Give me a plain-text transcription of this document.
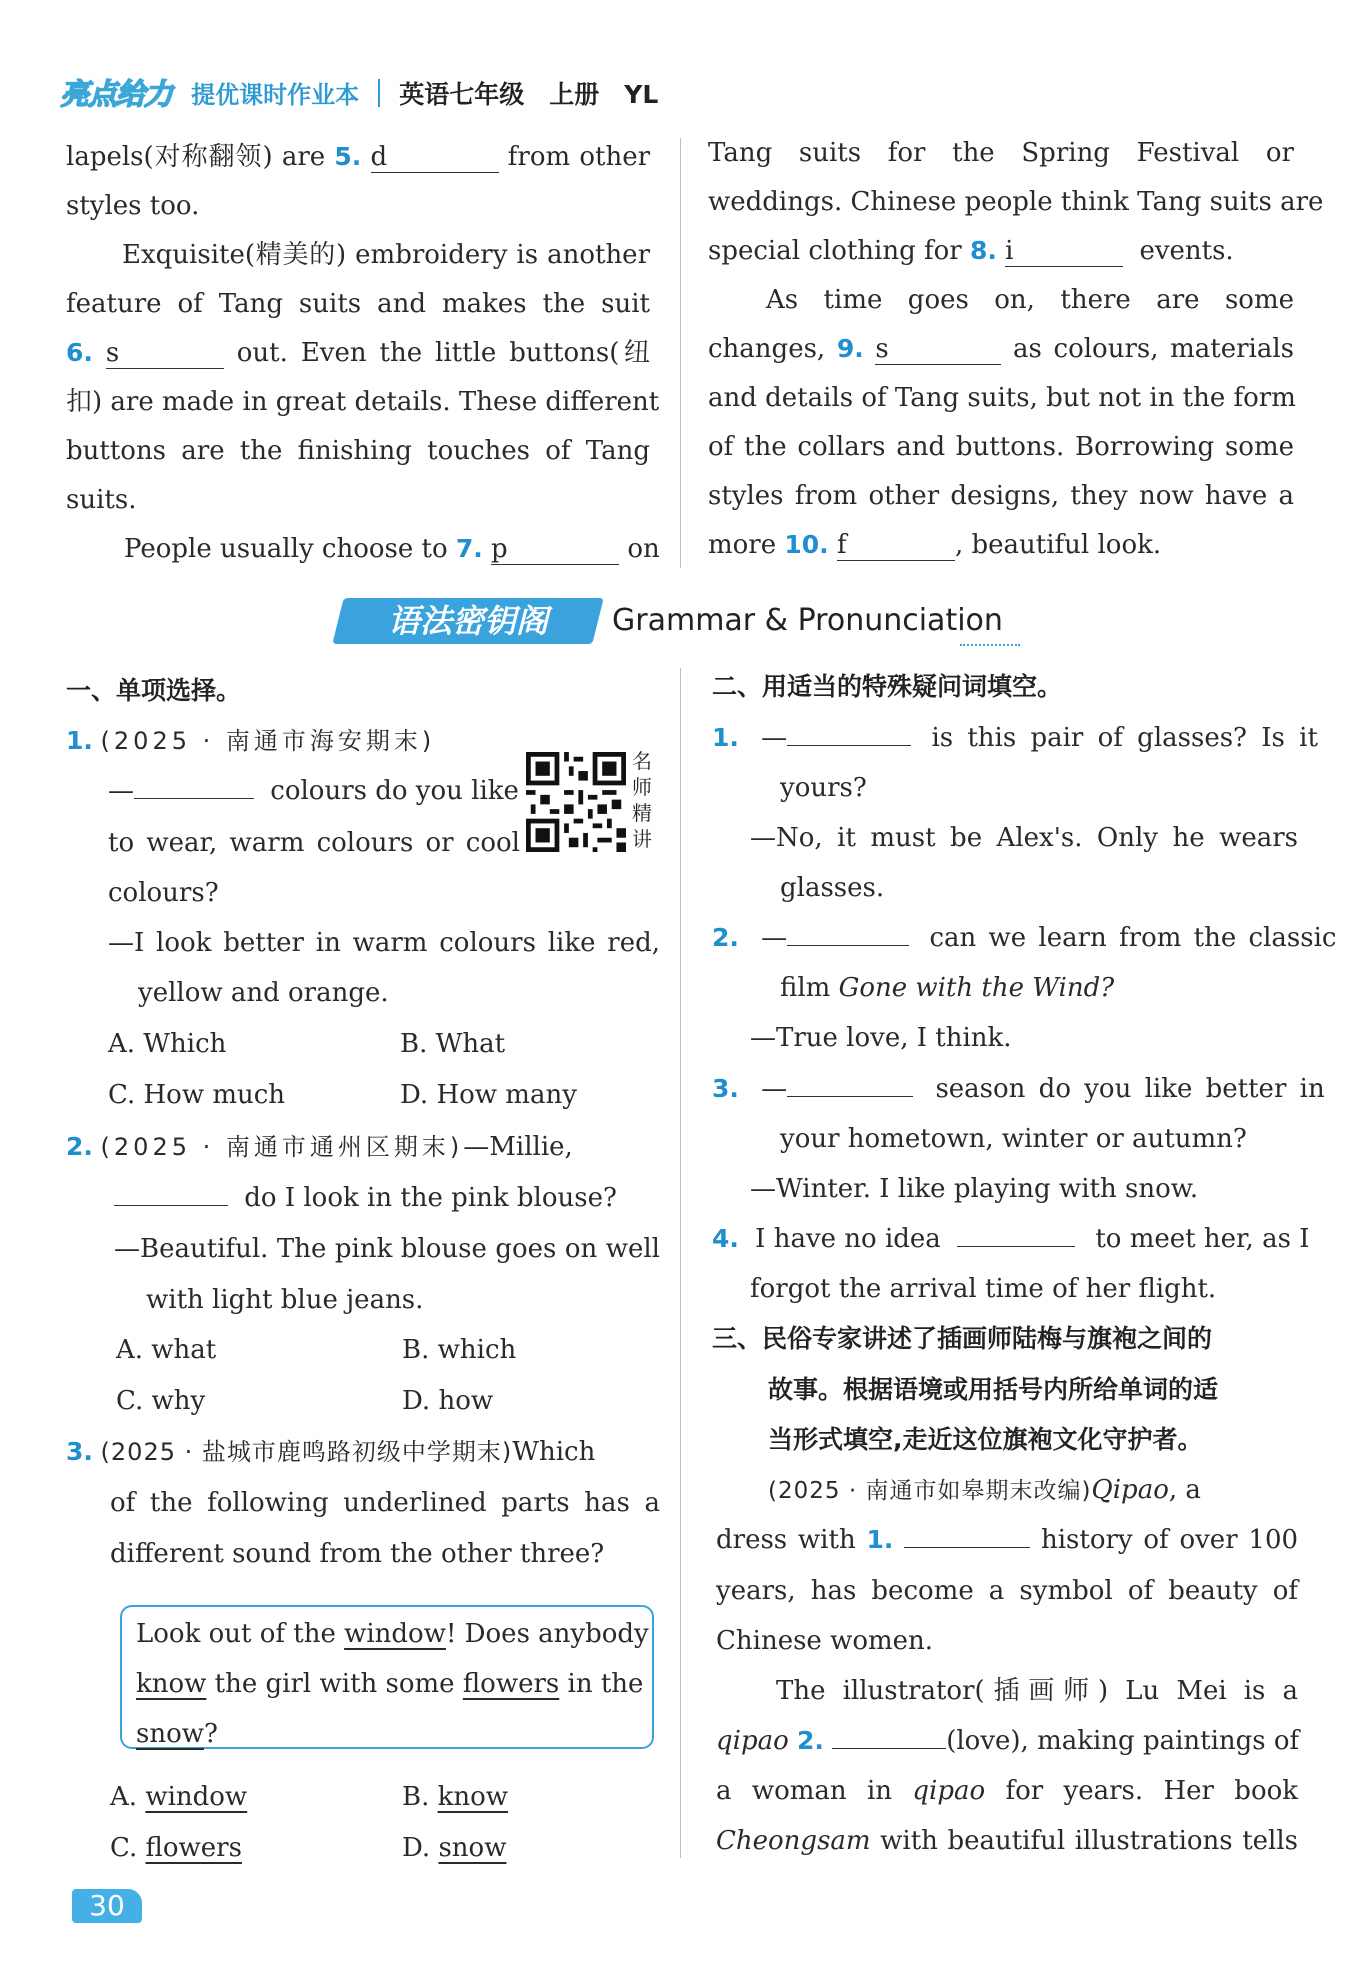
亮点给力 提优课时作业本 英语七年级　上册　YL
lapels(对称翻领) are 5. d	from other
styles too.
Exquisite(精美的) embroidery is another
feature of Tang suits and makes the suit
6. s	out. Even the little buttons(纽
扣) are made in great details. These different
buttons are the finishing touches of Tang
suits.
People usually choose to 7. p	on
Tang suits for the Spring Festival or
weddings. Chinese people think Tang suits are
special clothing for 8. i	events.
As time goes on, there are some
changes, 9. s	as colours, materials
and details of Tang suits, but not in the form
of the collars and buttons. Borrowing some
styles from other designs, they now have a
more 10. f	, beautiful look.
语法密钥阁	Grammar & Pronunciation
一、单项选择。
1. (2025 · 南通市海安期末)
—	colours do you like
to wear, warm colours or cool
colours?
—I look better in warm colours like red,
yellow and orange.
A. Which	B. What
C. How much	D. How many
2. (2025 · 南通市通州区期末)—Millie,
do I look in the pink blouse?
—Beautiful. The pink blouse goes on well
with light blue jeans.
A. what	B. which
C. why	D. how
3. (2025 · 盐城市鹿鸣路初级中学期末)Which
of the following underlined parts has a
different sound from the other three?
Look out of the window! Does anybody
know the girl with some flowers in the
snow?
A. window	B. know
C. flowers	D. snow
名师精讲
二、用适当的特殊疑问词填空。
1. —	is this pair of glasses? Is it
yours?
—No, it must be Alex's. Only he wears
glasses.
2. —	can we learn from the classic
film Gone with the Wind?
—True love, I think.
3. —	season do you like better in
your hometown, winter or autumn?
—Winter. I like playing with snow.
4. I have no idea	to meet her, as I
forgot the arrival time of her flight.
三、民俗专家讲述了插画师陆梅与旗袍之间的
故事。根据语境或用括号内所给单词的适
当形式填空,走近这位旗袍文化守护者。
(2025 · 南通市如皋期末改编)Qipao, a
dress with 1.	history of over 100
years, has become a symbol of beauty of
Chinese women.
The illustrator(插画师) Lu Mei is a
qipao 2.	(love), making paintings of
a woman in qipao for years. Her book
Cheongsam with beautiful illustrations tells
30
